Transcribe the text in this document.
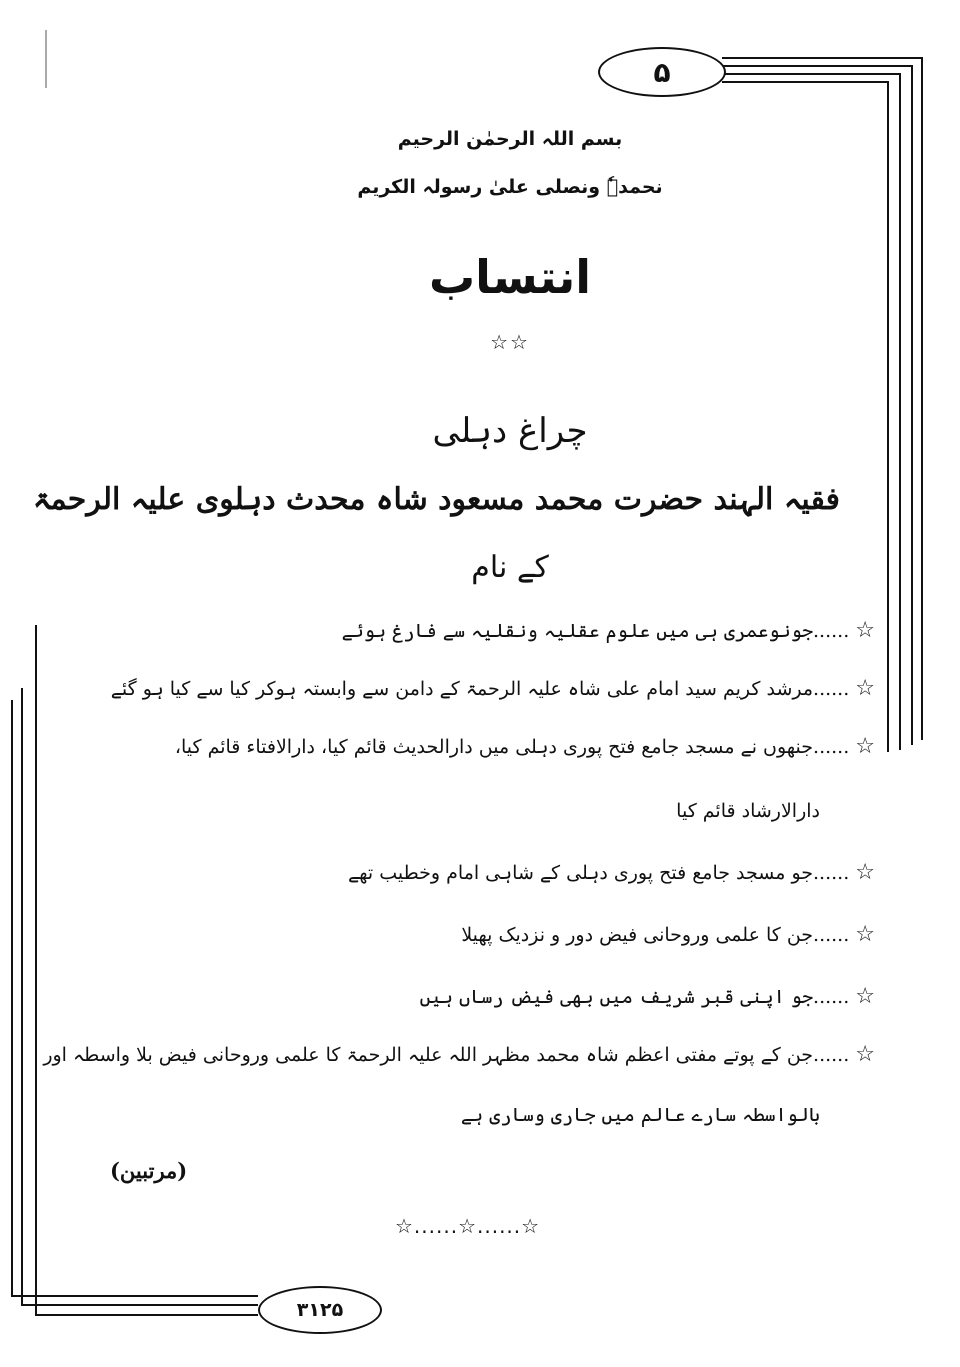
۵
بسم اللہ الرحمٰن الرحیم
نحمدہٗ ونصلی علیٰ رسولہ الکریم
انتساب
☆☆
چراغ دہلی
فقیہ الہند حضرت محمد مسعود شاہ محدث دہلوی علیہ الرحمۃ
کے نام
☆......جونوعمری ہی میں علوم عقلیہ ونقلیہ سے فارغ ہوئے
☆......مرشد کریم سید امام علی شاہ علیہ الرحمۃ کے دامن سے وابستہ ہوکر کیا سے کیا ہو گئے
☆......جنھوں نے مسجد جامع فتح پوری دہلی میں دارالحدیث قائم کیا، دارالافتاء قائم کیا،
دارالارشاد قائم کیا
☆......جو مسجد جامع فتح پوری دہلی کے شاہی امام وخطیب تھے
☆......جن کا علمی وروحانی فیض دور و نزدیک پھیلا
☆......جو اپنی قبر شریف میں بھی فیض رساں ہیں
☆......جن کے پوتے مفتی اعظم شاہ محمد مظہر اللہ علیہ الرحمۃ کا علمی وروحانی فیض بلا واسطہ اور
بالواسطہ سارے عالم میں جاری وساری ہے
(مرتبین)
☆......☆......☆
۳۱۲۵
